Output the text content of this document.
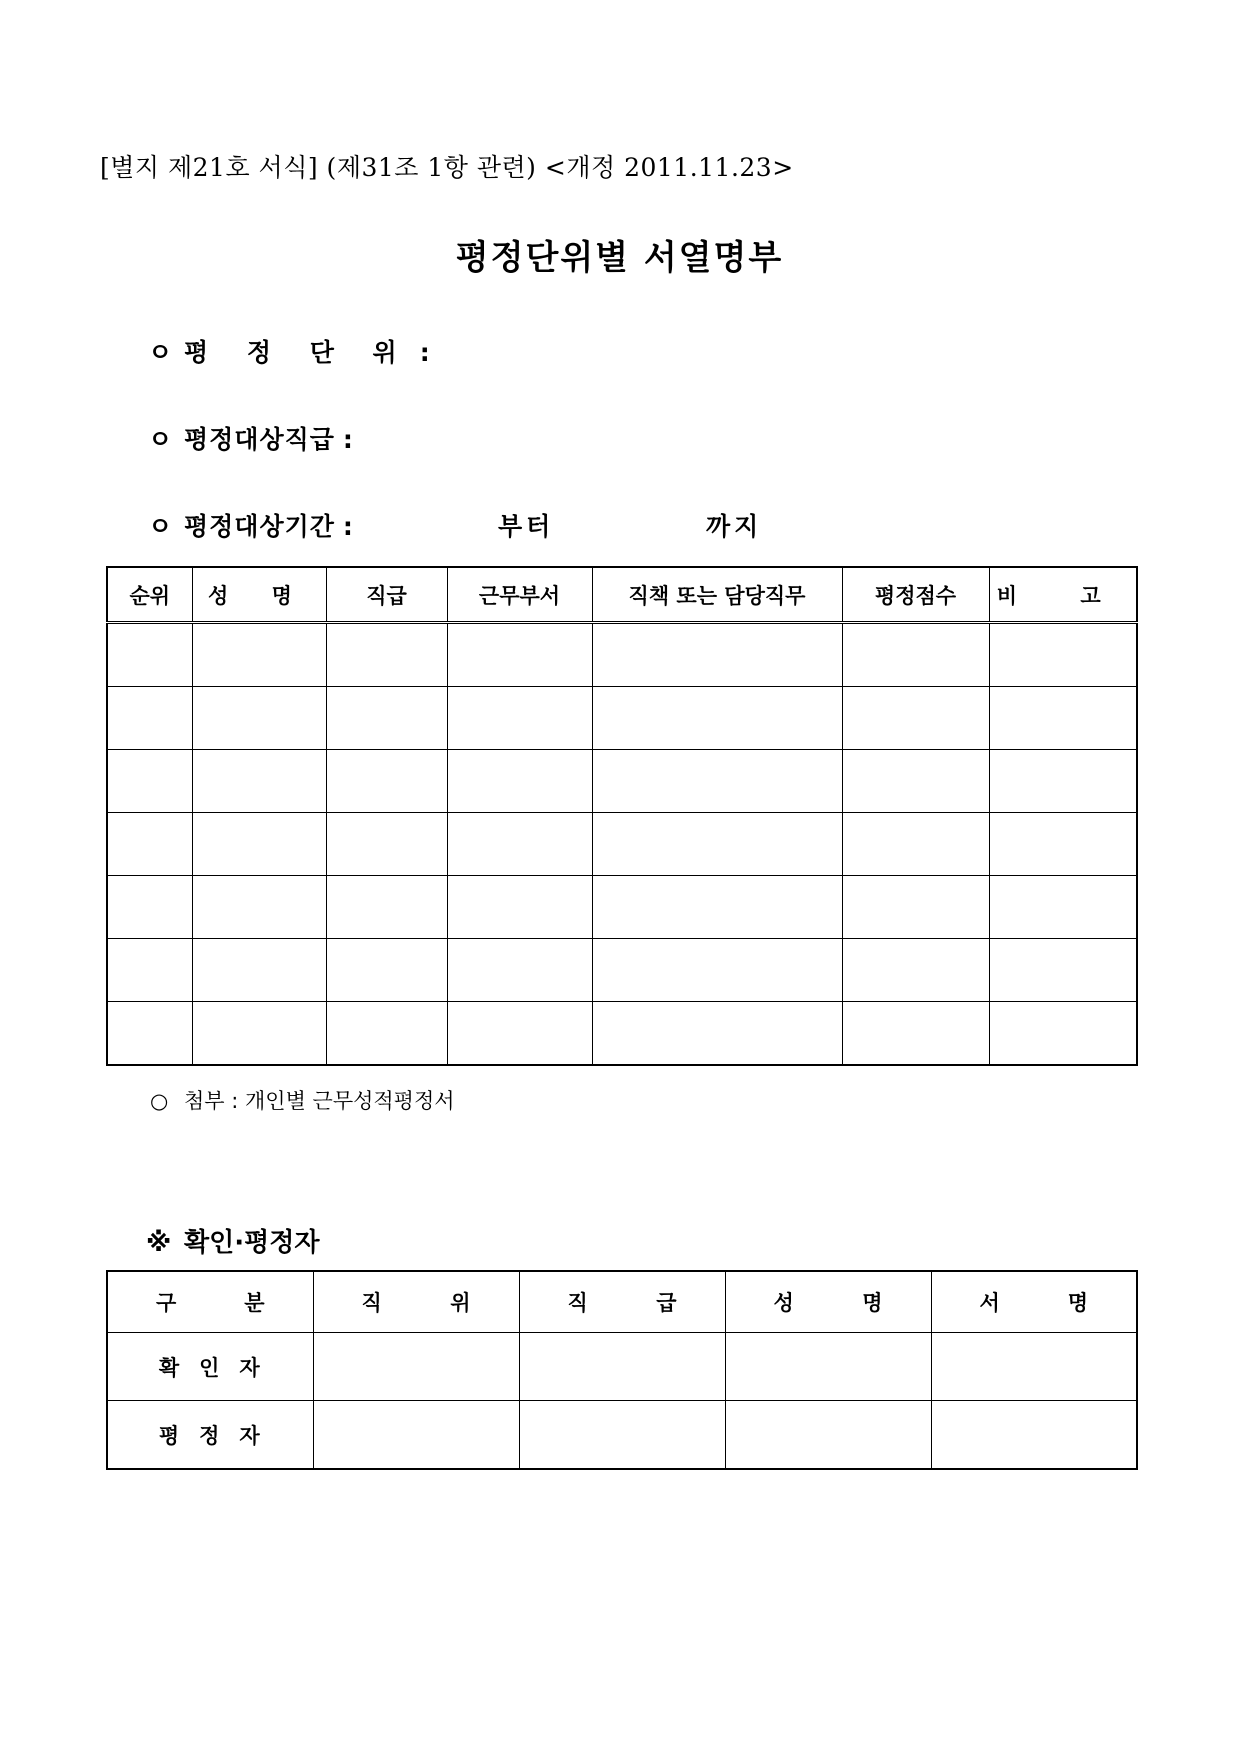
[별지 제21호 서식] (제31조 1항 관련) <개정 2011.11.23>
평정단위별 서열명부
ㅇ 평 정 단 위 :
ㅇ 평정대상직급 :
ㅇ 평정대상기간 :	부터	까지
순위	성 명	직급	근무부서	직책 또는 담당직무	평정점수	비 고

○ 첨부 : 개인별 근무성적평정서
※ 확인·평정자
구 분	직 위	직 급	성 명	서 명

확인자				
평정자				
